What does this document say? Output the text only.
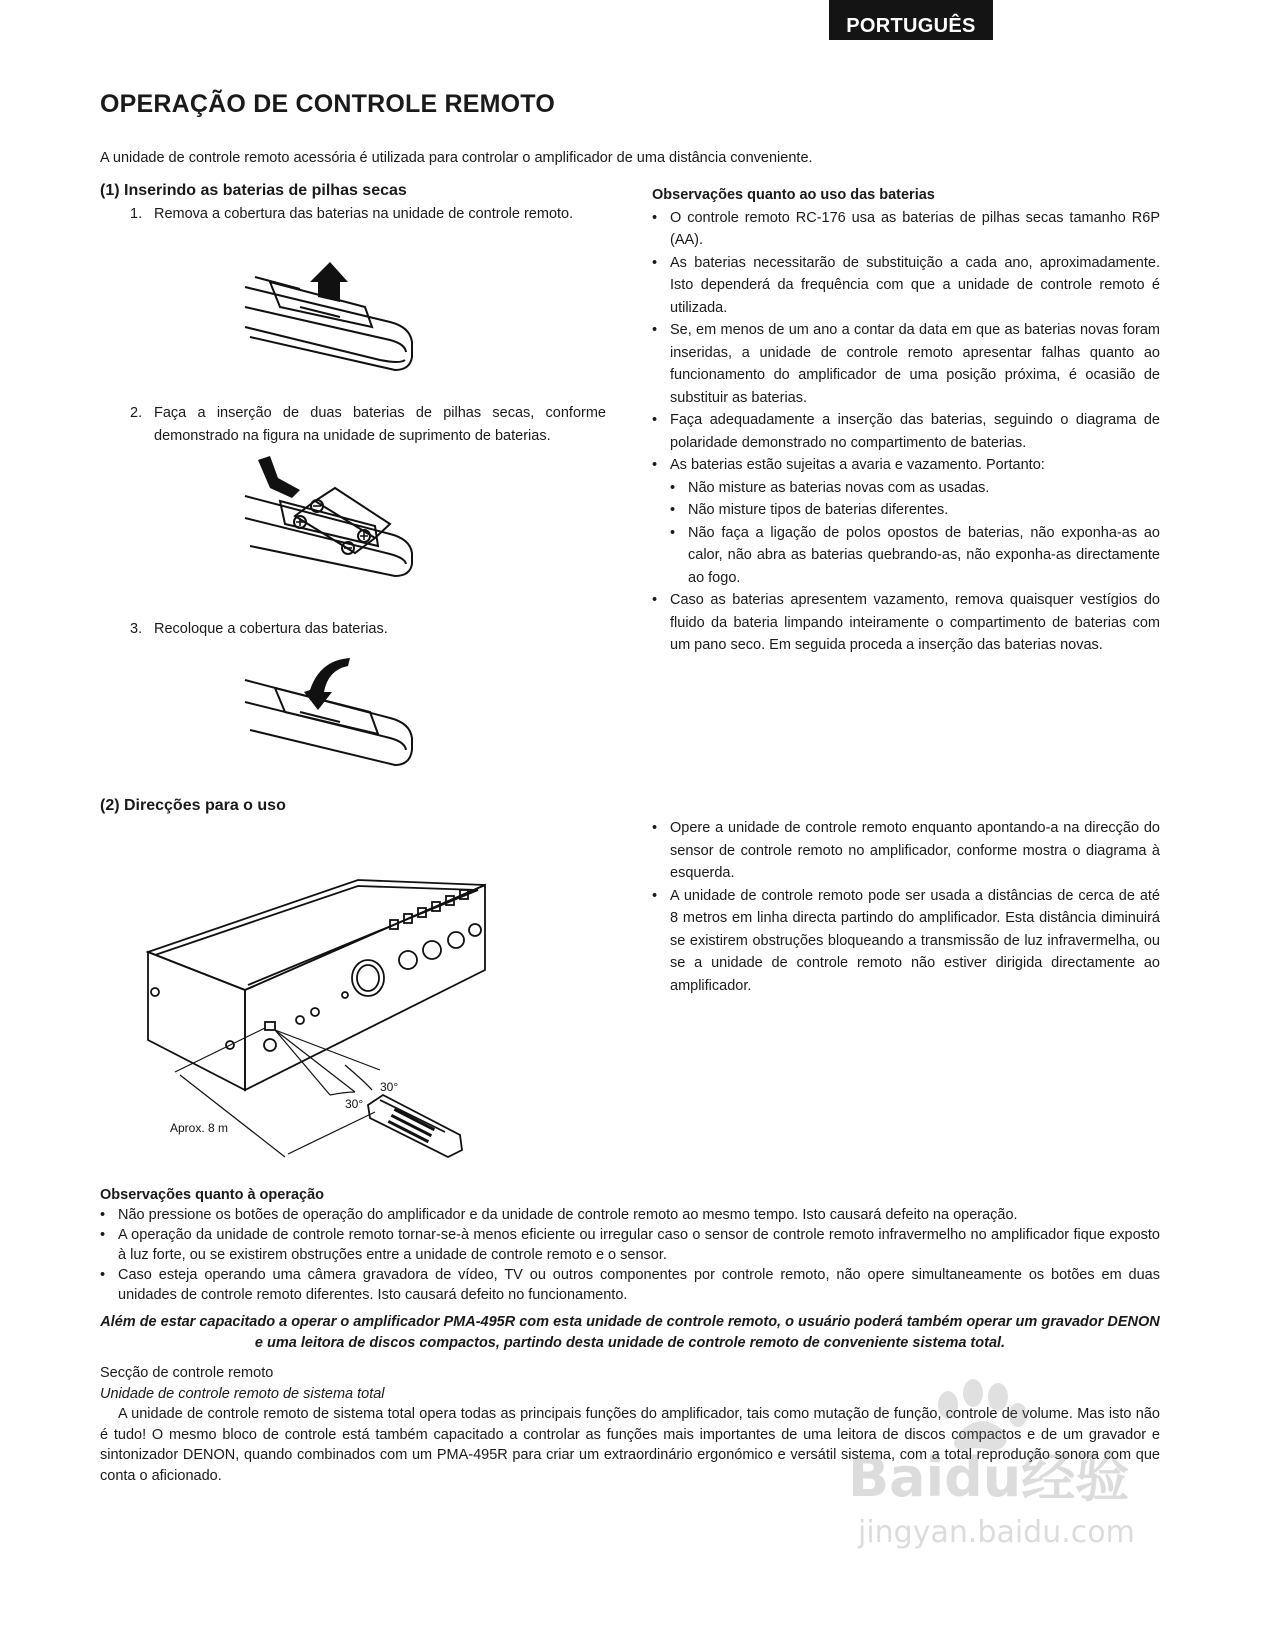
PORTUGUÊS
OPERAÇÃO DE CONTROLE REMOTO
A unidade de controle remoto acessória é utilizada para controlar o amplificador de uma distância conveniente.
(1) Inserindo as baterias de pilhas secas
1. Remova a cobertura das baterias na unidade de controle remoto.
2. Faça a inserção de duas baterias de pilhas secas, conforme demonstrado na figura na unidade de suprimento de baterias.
3. Recoloque a cobertura das baterias.
Observações quanto ao uso das baterias
• O controle remoto RC-176 usa as baterias de pilhas secas tamanho R6P (AA).
• As baterias necessitarão de substituição a cada ano, aproximadamente. Isto dependerá da frequência com que a unidade de controle remoto é utilizada.
• Se, em menos de um ano a contar da data em que as baterias novas foram inseridas, a unidade de controle remoto apresentar falhas quanto ao funcionamento do amplificador de uma posição próxima, é ocasião de substituir as baterias.
• Faça adequadamente a inserção das baterias, seguindo o diagrama de polaridade demonstrado no compartimento de baterias.
• As baterias estão sujeitas a avaria e vazamento. Portanto:
• Não misture as baterias novas com as usadas.
• Não misture tipos de baterias diferentes.
• Não faça a ligação de polos opostos de baterias, não exponha-as ao calor, não abra as baterias quebrando-as, não exponha-as directamente ao fogo.
• Caso as baterias apresentem vazamento, remova quaisquer vestígios do fluido da bateria limpando inteiramente o compartimento de baterias com um pano seco. Em seguida proceda a inserção das baterias novas.
(2) Direcções para o uso
• Opere a unidade de controle remoto enquanto apontando-a na direcção do sensor de controle remoto no amplificador, conforme mostra o diagrama à esquerda.
• A unidade de controle remoto pode ser usada a distâncias de cerca de até 8 metros em linha directa partindo do amplificador. Esta distância diminuirá se existirem obstruções bloqueando a transmissão de luz infravermelha, ou se a unidade de controle remoto não estiver dirigida directamente ao amplificador.
30°
30°
Aprox. 8 m
Observações quanto à operação
• Não pressione os botões de operação do amplificador e da unidade de controle remoto ao mesmo tempo. Isto causará defeito na operação.
• A operação da unidade de controle remoto tornar-se-à menos eficiente ou irregular caso o sensor de controle remoto infravermelho no amplificador fique exposto à luz forte, ou se existirem obstruções entre a unidade de controle remoto e o sensor.
• Caso esteja operando uma câmera gravadora de vídeo, TV ou outros componentes por controle remoto, não opere simultaneamente os botões em duas unidades de controle remoto diferentes. Isto causará defeito no funcionamento.
Além de estar capacitado a operar o amplificador PMA-495R com esta unidade de controle remoto, o usuário poderá também operar um gravador DENON e uma leitora de discos compactos, partindo desta unidade de controle remoto de conveniente sistema total.
Secção de controle remoto
Unidade de controle remoto de sistema total
A unidade de controle remoto de sistema total opera todas as principais funções do amplificador, tais como mutação de função, controle de volume. Mas isto não é tudo! O mesmo bloco de controle está também capacitado a controlar as funções mais importantes de uma leitora de discos compactos e de um gravador e sintonizador DENON, quando combinados com um PMA-495R para criar um extraordinário ergonómico e versátil sistema, com a total reprodução sonora com que conta o aficionado.	Baidu经验
jingyan.baidu.com
